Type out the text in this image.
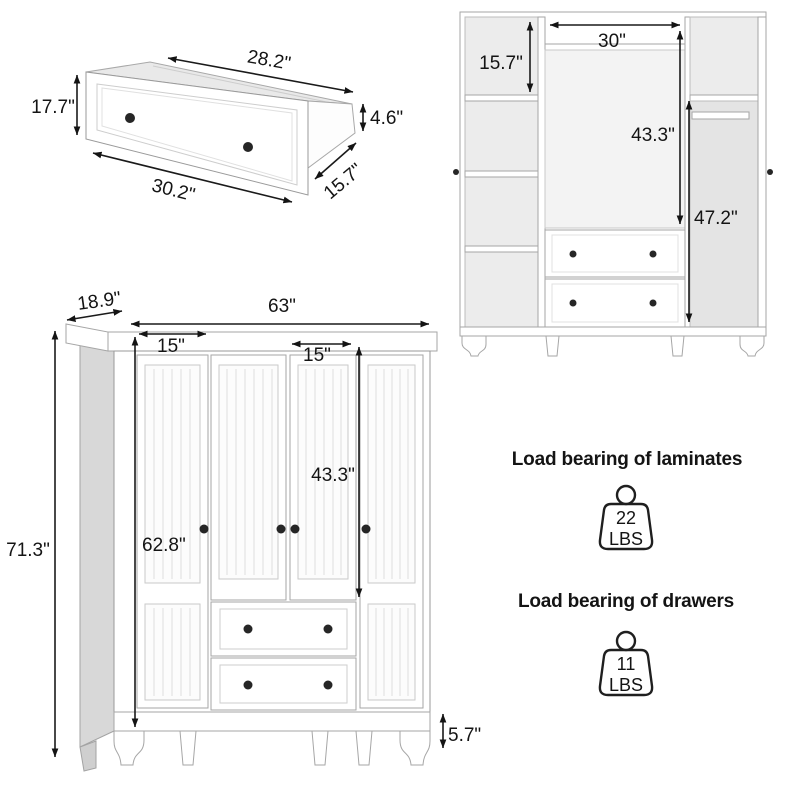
28.2"
17.7"
4.6"
30.2"	15.7"
15.7"
30"
43.3"
47.2"
18.9"	63"
15"	15"
43.3"
62.8"
71.3"
5.7"
Load bearing of laminates
22
LBS
Load bearing of drawers
11
LBS
